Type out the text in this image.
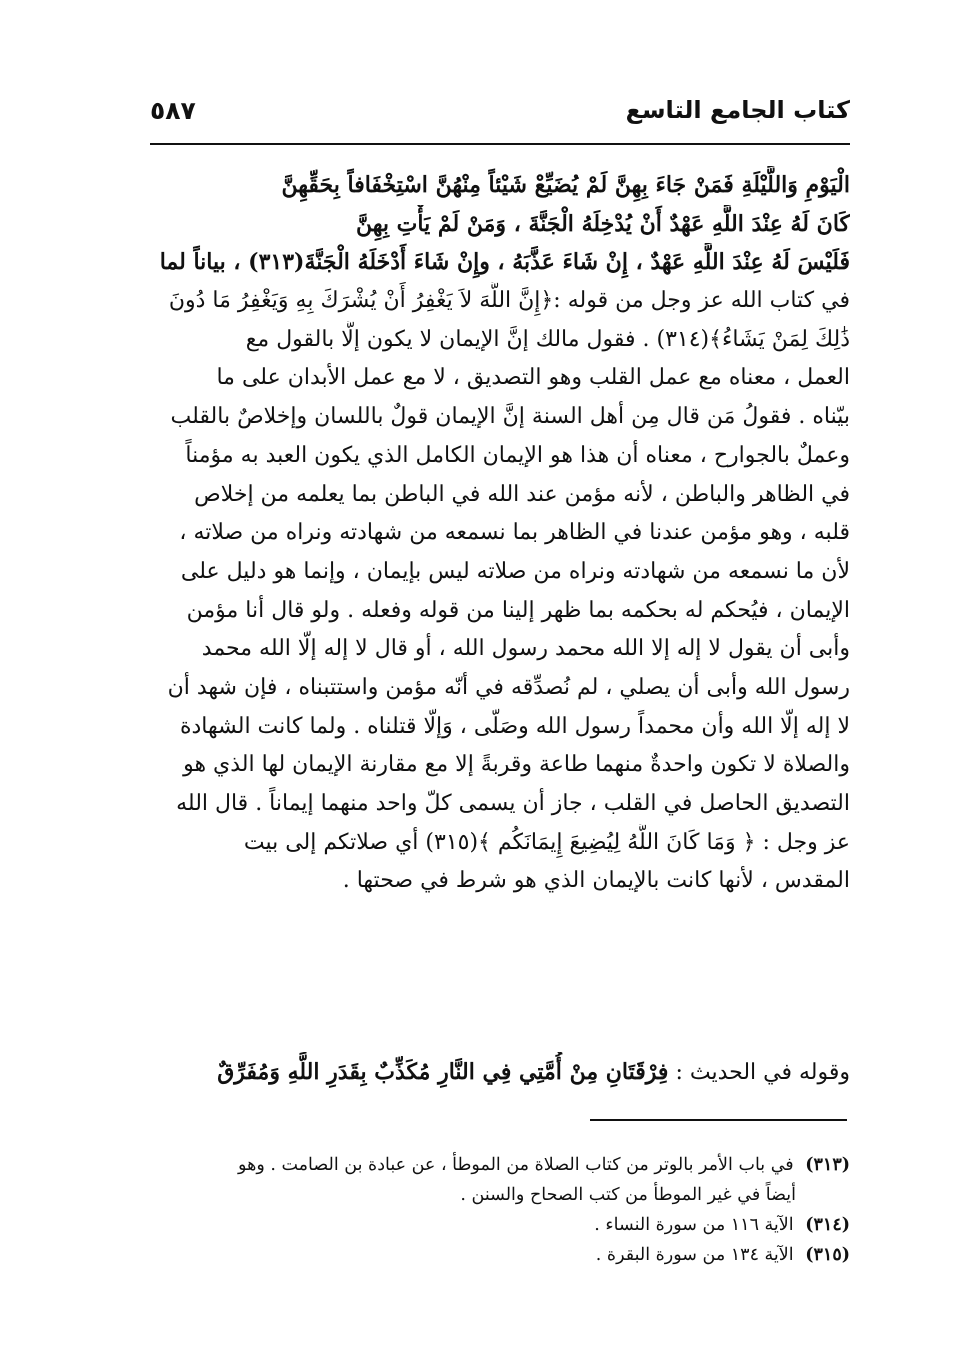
كتاب الجامع التاسع
٥٨٧
الْيَوْمِ وَاللَّيْلَةِ فَمَنْ جَاءَ بِهِنَّ لَمْ يُضَيِّعْ شَيْئاً مِنْهُنَّ اسْتِخْفَافاً بِحَقِّهِنَّ
كَانَ لَهُ عِنْدَ اللَّهِ عَهْدٌ أَنْ يُدْخِلَهُ الْجَنَّةَ ، وَمَنْ لَمْ يَأْتِ بِهِنَّ
فَلَيْسَ لَهُ عِنْدَ اللَّهِ عَهْدٌ ، إِنْ شَاءَ عَذَّبَهُ ، وإِنْ شَاءَ أَدْخَلَهُ الْجَنَّةَ(٣١٣) ، بياناً لما
في كتاب الله عز وجل من قوله :﴿إِنَّ اللَّهَ لاَ يَغْفِرُ أَنْ يُشْرَكَ بِهِ وَيَغْفِرُ مَا دُونَ
ذَٰلِكَ لِمَنْ يَشَاءُ﴾(٣١٤) . فقول مالك إنَّ الإيمان لا يكون إلَّا بالقول مع
العمل ، معناه مع عمل القلب وهو التصديق ، لا مع عمل الأبدان على ما
بيّناه . فقولُ مَن قال مِن أهل السنة إنَّ الإيمان قولٌ باللسان وإخلاصٌ بالقلب
وعملٌ بالجوارح ، معناه أن هذا هو الإيمان الكامل الذي يكون العبد به مؤمناً
في الظاهر والباطن ، لأنه مؤمن عند الله في الباطن بما يعلمه من إخلاص
قلبه ، وهو مؤمن عندنا في الظاهر بما نسمعه من شهادته ونراه من صلاته ،
لأن ما نسمعه من شهادته ونراه من صلاته ليس بإيمان ، وإنما هو دليل على
الإيمان ، فيُحكم له بحكمه بما ظهر إلينا من قوله وفعله . ولو قال أنا مؤمن
وأبى أن يقول لا إله إلا الله محمد رسول الله ، أو قال لا إله إلّا الله محمد
رسول الله وأبى أن يصلي ، لم نُصدِّقه في أنّه مؤمن واستتبناه ، فإن شهد أن
لا إله إلّا الله وأن محمداً رسول الله وصَلّى ، وَإلّا قتلناه . ولما كانت الشهادة
والصلاة لا تكون واحدةٌ منهما طاعة وقربةً إلا مع مقارنة الإيمان لها الذي هو
التصديق الحاصل في القلب ، جاز أن يسمى كلّ واحد منهما إيماناً . قال الله
عز وجل : ﴿ وَمَا كَانَ اللَّهُ لِيُضِيعَ إِيمَانَكُم ﴾(٣١٥) أي صلاتكم إلى بيت
المقدس ، لأنها كانت بالإيمان الذي هو شرط في صحتها .
وقوله في الحديث : فِرْقَتَانِ مِنْ أُمَّتِي فِي النَّارِ مُكَذِّبٌ بِقَدَرِ اللَّهِ وَمُفَرِّقٌ
(٣١٣) في باب الأمر بالوتر من كتاب الصلاة من الموطأ ، عن عبادة بن الصامت . وهو
أيضاً في غير الموطأ من كتب الصحاح والسنن .
(٣١٤) الآية ١١٦ من سورة النساء .
(٣١٥) الآية ١٣٤ من سورة البقرة .
